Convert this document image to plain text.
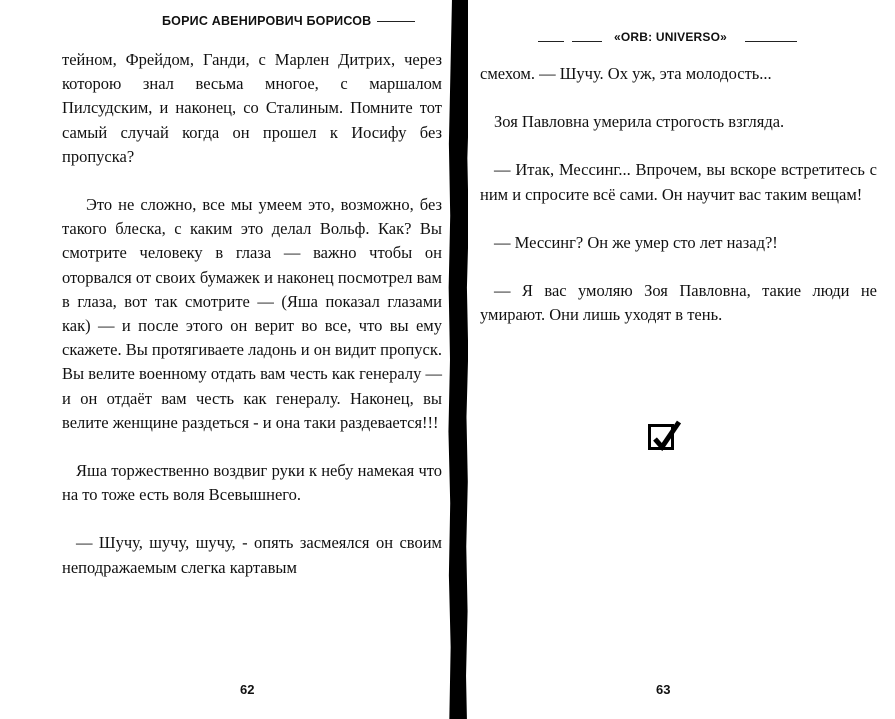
БОРИС АВЕНИРОВИЧ БОРИСОВ

тейном, Фрейдом, Ганди, с Марлен Дитрих, через которою знал весьма многое, с маршалом Пилсудским, и наконец, со Сталиным. Помните тот самый случай когда он прошел к Иосифу без пропуска?

Это не сложно, все мы умеем это, возможно, без такого блеска, с каким это делал Вольф. Как? Вы смотрите человеку в глаза — важно чтобы он оторвался от своих бумажек и наконец посмотрел вам в глаза, вот так смотрите — (Яша показал глазами как) — и после этого он верит во все, что вы ему скажете. Вы протягиваете ладонь и он видит пропуск. Вы велите военному отдать вам честь как генералу — и он отдаёт вам честь как генералу. Наконец, вы велите женщине раздеться - и она таки раздевается!!!

Яша торжественно воздвиг руки к небу намекая что на то тоже есть воля Всевышнего.

— Шучу, шучу, шучу, - опять засмеялся он своим неподражаемым слегка картавым

62
«ORB: UNIVERSO»

смехом. — Шучу. Ох уж, эта молодость...

Зоя Павловна умерила строгость взгляда.

— Итак, Мессинг... Впрочем, вы вскоре встретитесь с ним и спросите всё сами. Он научит вас таким вещам!

— Мессинг? Он же умер сто лет назад?!

— Я вас умоляю Зоя Павловна, такие люди не умирают. Они лишь уходят в тень.

63
